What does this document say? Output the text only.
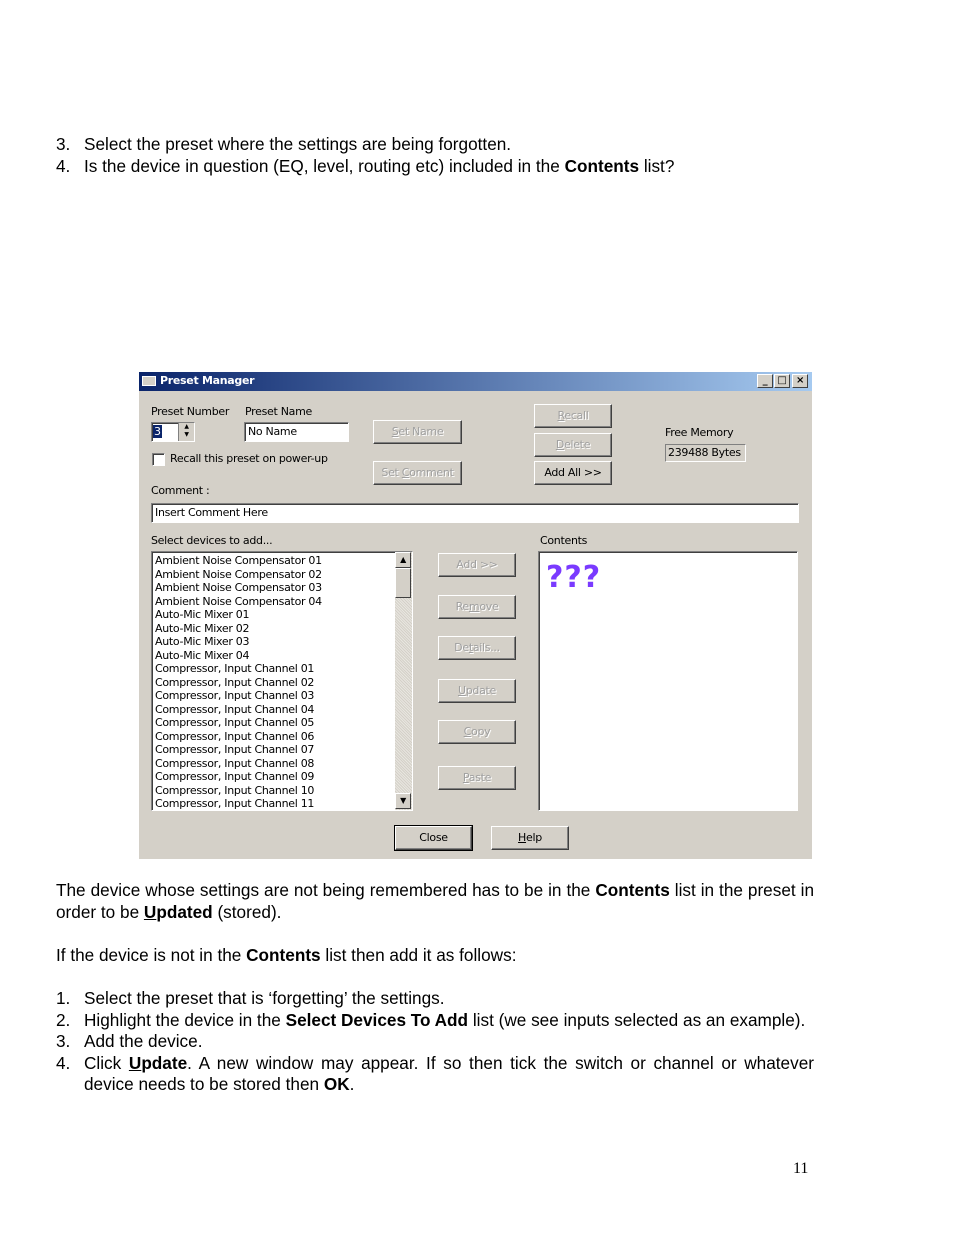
3. Select the preset where the settings are being forgotten.
4. Is the device in question (EQ, level, routing etc) included in the Contents list?
Preset Manager	_	□ ×
Preset Number
3	▲
▼
Preset Name
No Name
Recall this preset on power-up
Set Name
Set Comment
Recall
Delete
Add All >>
Free Memory
239488 Bytes
Comment :
Insert Comment Here
Select devices to add...	Contents
Ambient Noise Compensator 01
Ambient Noise Compensator 02
Ambient Noise Compensator 03
Ambient Noise Compensator 04
Auto-Mic Mixer 01
Auto-Mic Mixer 02
Auto-Mic Mixer 03
Auto-Mic Mixer 04
Compressor, Input Channel 01
Compressor, Input Channel 02
Compressor, Input Channel 03
Compressor, Input Channel 04
Compressor, Input Channel 05
Compressor, Input Channel 06
Compressor, Input Channel 07
Compressor, Input Channel 08
Compressor, Input Channel 09
Compressor, Input Channel 10
Compressor, Input Channel 11
▲
▼
Add >>
Remove
Details...
Update
Copy
Paste
???
Close	Help
The device whose settings are not being remembered has to be in the Contents list in the preset in order to be Updated (stored).
If the device is not in the Contents list then add it as follows:
1. Select the preset that is ‘forgetting’ the settings.
2. Highlight the device in the Select Devices To Add list (we see inputs selected as an example).
3. Add the device.
4. Click Update. A new window may appear. If so then tick the switch or channel or whatever device needs to be stored then OK.
11
